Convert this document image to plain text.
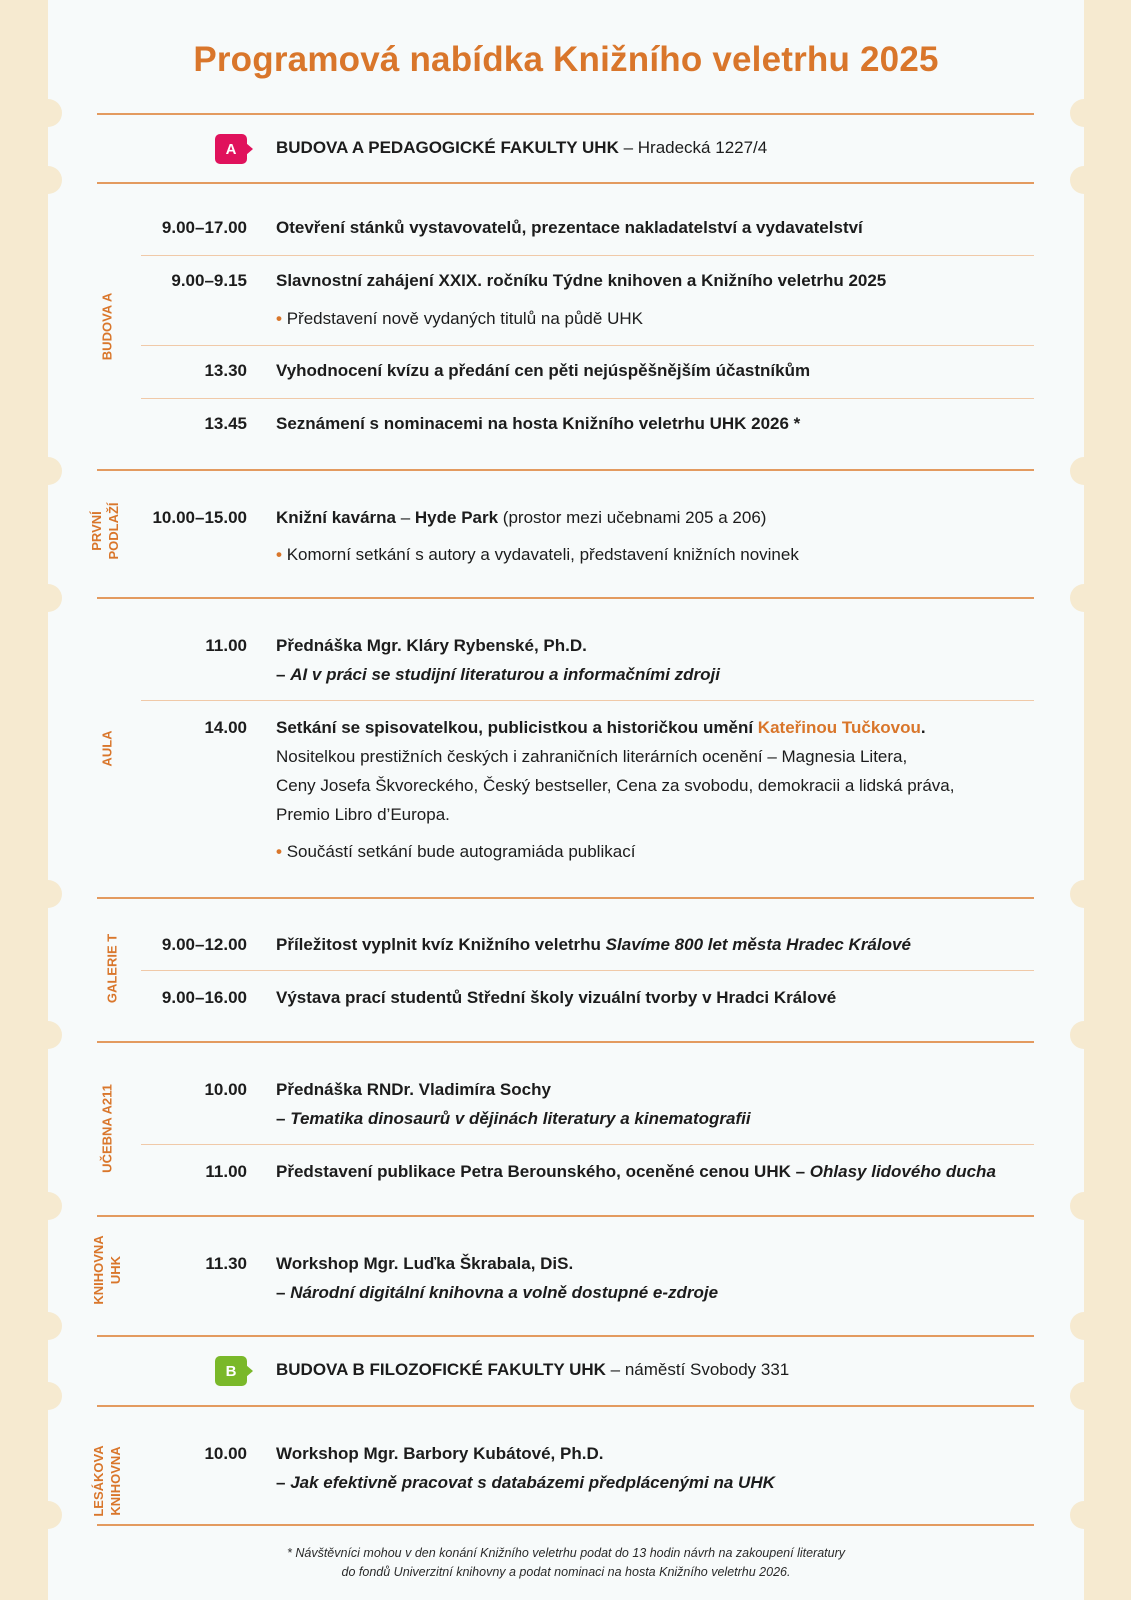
Programová nabídka Knižního veletrhu 2025
A	BUDOVA A PEDAGOGICKÉ FAKULTY UHK – Hradecká 1227/4
BUDOVA A
9.00–17.00 Otevření stánků vystavovatelů, prezentace nakladatelství a vydavatelství
9.00–9.15 Slavnostní zahájení XXIX. ročníku Týdne knihoven a Knižního veletrhu 2025
• Představení nově vydaných titulů na půdě UHK
13.30 Vyhodnocení kvízu a předání cen pěti nejúspěšnějším účastníkům
13.45 Seznámení s nominacemi na hosta Knižního veletrhu UHK 2026 *
PRVNÍ PODLAŽÍ	10.00–15.00 Knižní kavárna – Hyde Park (prostor mezi učebnami 205 a 206)
• Komorní setkání s autory a vydavateli, představení knižních novinek
AULA
11.00 Přednáška Mgr. Kláry Rybenské, Ph.D.
– AI v práci se studijní literaturou a informačními zdroji
14.00 Setkání se spisovatelkou, publicistkou a historičkou umění Kateřinou Tučkovou.
Nositelkou prestižních českých i zahraničních literárních ocenění – Magnesia Litera,
Ceny Josefa Škvoreckého, Český bestseller, Cena za svobodu, demokracii a lidská práva,
Premio Libro d’Europa.
• Součástí setkání bude autogramiáda publikací
GALERIE T	9.00–12.00 Příležitost vyplnit kvíz Knižního veletrhu Slavíme 800 let města Hradec Králové
9.00–16.00 Výstava prací studentů Střední školy vizuální tvorby v Hradci Králové
UČEBNA A211	10.00 Přednáška RNDr. Vladimíra Sochy
– Tematika dinosaurů v dějinách literatury a kinematografii
11.00 Představení publikace Petra Berounského, oceněné cenou UHK – Ohlasy lidového ducha
KNIHOVNA UHK	11.30 Workshop Mgr. Luďka Škrabala, DiS.
– Národní digitální knihovna a volně dostupné e-zdroje
B	BUDOVA B FILOZOFICKÉ FAKULTY UHK – náměstí Svobody 331
LESÁKOVA KNIHOVNA	10.00 Workshop Mgr. Barbory Kubátové, Ph.D.
– Jak efektivně pracovat s databázemi předplácenými na UHK
* Návštěvníci mohou v den konání Knižního veletrhu podat do 13 hodin návrh na zakoupení literatury
do fondů Univerzitní knihovny a podat nominaci na hosta Knižního veletrhu 2026.
